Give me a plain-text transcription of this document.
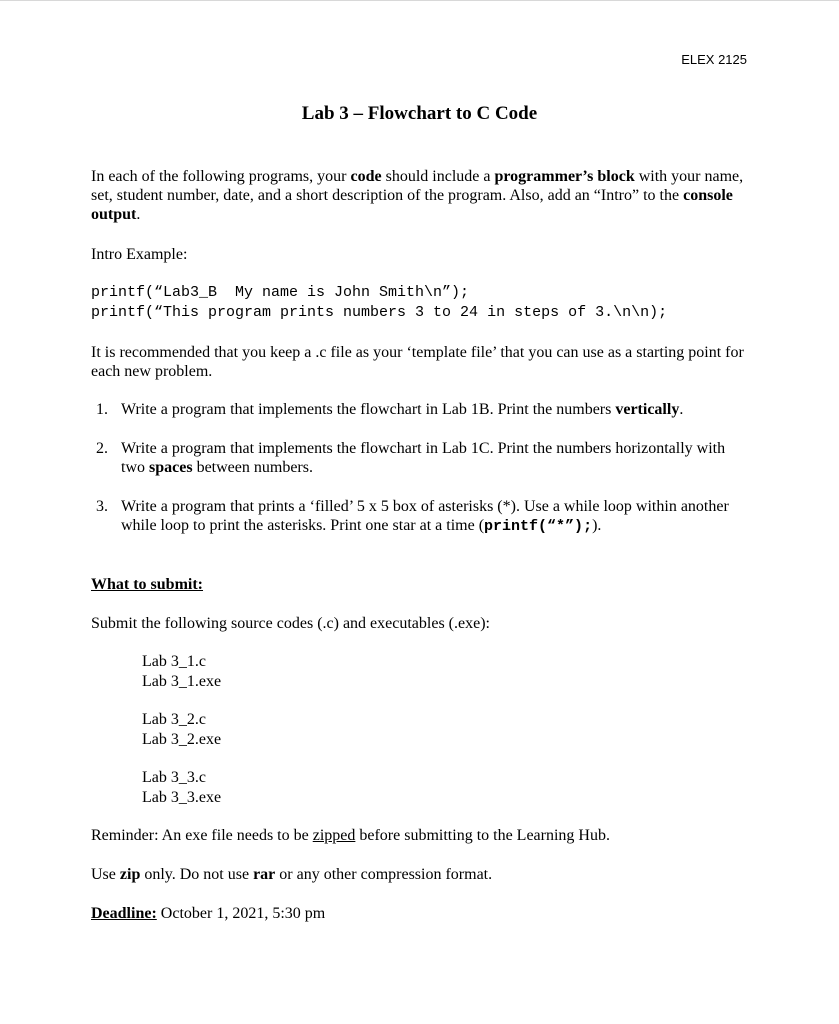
ELEX 2125
Lab 3 – Flowchart to C Code

In each of the following programs, your code should include a programmer’s block with your name, set, student number, date, and a short description of the program. Also, add an “Intro” to the console output.

Intro Example:

printf(“Lab3_B  My name is John Smith\n”);
printf(“This program prints numbers 3 to 24 in steps of 3.\n\n);

It is recommended that you keep a .c file as your ‘template file’ that you can use as a starting point for each new problem.

1. Write a program that implements the flowchart in Lab 1B. Print the numbers vertically.
2. Write a program that implements the flowchart in Lab 1C. Print the numbers horizontally with two spaces between numbers.
3. Write a program that prints a ‘filled’ 5 x 5 box of asterisks (*). Use a while loop within another while loop to print the asterisks. Print one star at a time (printf(“*”);).

What to submit:

Submit the following source codes (.c) and executables (.exe):

Lab 3_1.c
Lab 3_1.exe
Lab 3_2.c
Lab 3_2.exe
Lab 3_3.c
Lab 3_3.exe

Reminder: An exe file needs to be zipped before submitting to the Learning Hub.

Use zip only. Do not use rar or any other compression format.

Deadline: October 1, 2021, 5:30 pm
